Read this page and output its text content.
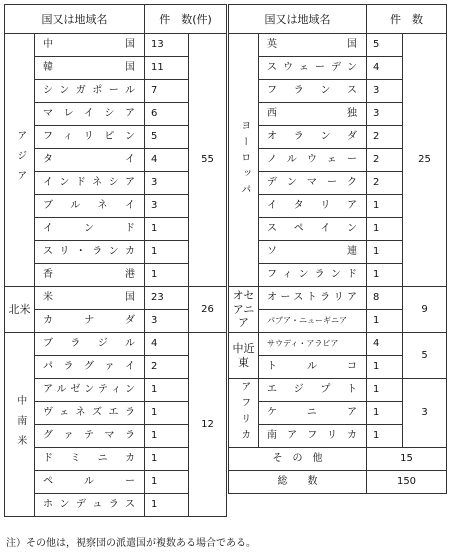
国又は地域名		件　数(件)	
アジア	中　　国	13	55
	韓国	11	
	シンガポール	7	
	マレイシア	6	
	フィリピン	5	
	タイ	4	
	インドネシア	3	
	ブルネイ	3	
	インド	1	
	スリ・ランカ	1	
	香港	1	
北米	米国	23	26
	カナダ	3	
中南米	ブラジル	4	12
	パラグァイ	2	
	アルゼンティン	1	
	ヴェネズエラ	1	
	グァテマラ	1	
	ドミニカ	1	
	ペルー	1	
	ホンデュラス	1	
国又は地域名		件　数	
ヨーロッパ	英国	5	25
	スウェーデン	4	
	フランス	3	
	西独	3	
	オランダ	2	
	ノルウェー	2	
	デンマーク	2	
	イタリア	1	
	スペイン	1	
	ソ連	1	
	フィンランド	1	
オセアニア	オーストラリア	8	9
	パプア・ニューギニア	1	
中近東	サウディ・アラビア	4	5
	トルコ	1	
アフリカ	エジプト	1	3
	ケニア	1	
	南アフリカ	1	
そ　の　他		15	
総　　数		150	
注）その他は，視察団の派遣国が複数ある場合である。
